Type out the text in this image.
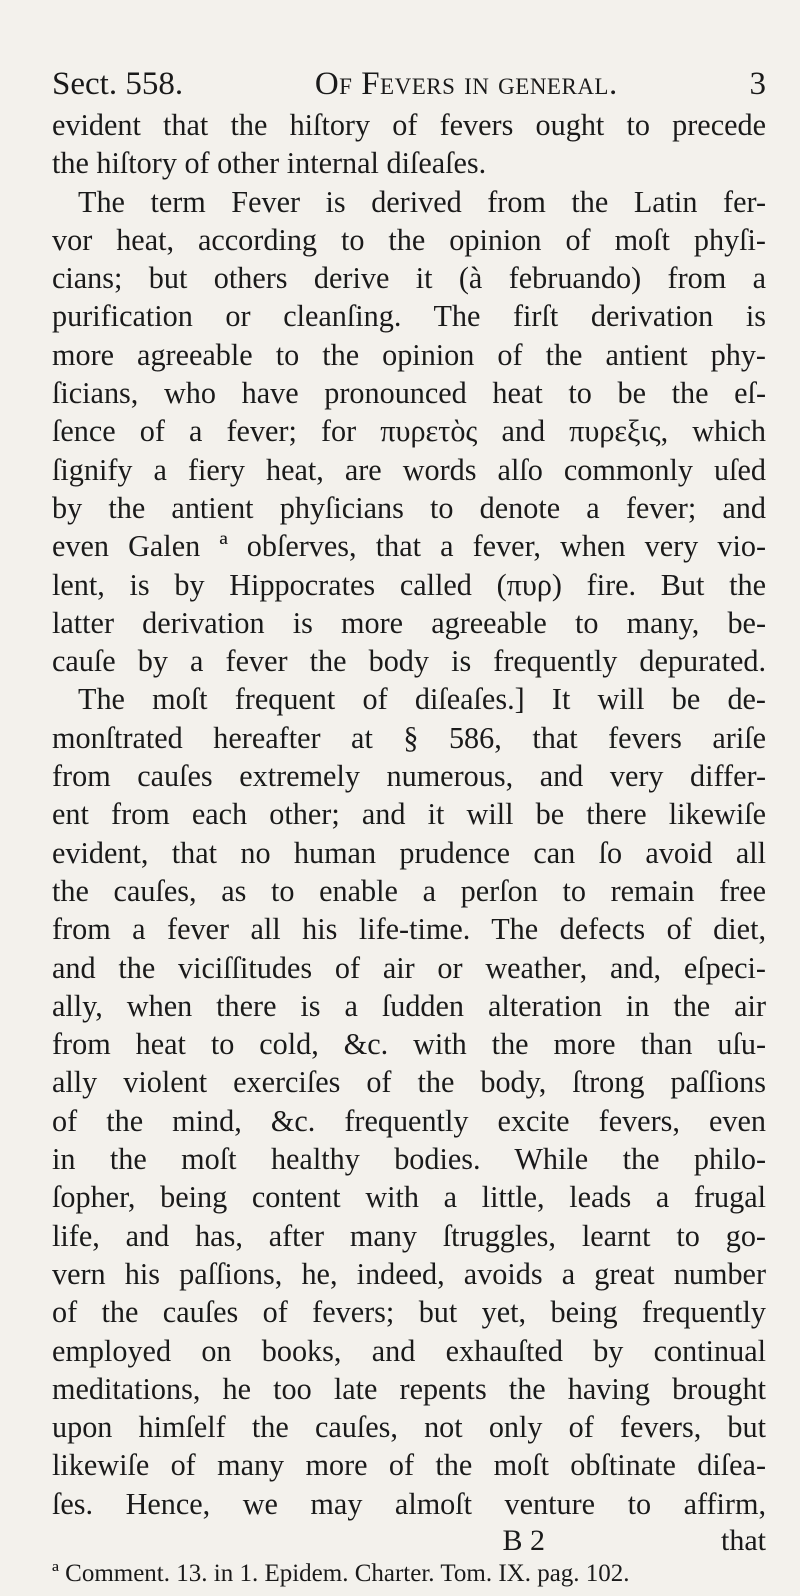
Sect. 558.	Of Fevers in general.	3
evident that the hiſtory of fevers ought to precede
the hiſtory of other internal diſeaſes.
The term Fever is derived from the Latin fer-
vor heat, according to the opinion of moſt phyſi-
cians; but others derive it (à februando) from a
purification or cleanſing. The firſt derivation is
more agreeable to the opinion of the antient phy-
ſicians, who have pronounced heat to be the eſ-
ſence of a fever; for πυρετὸς and πυρεξις, which
ſignify a fiery heat, are words alſo commonly uſed
by the antient phyſicians to denote a fever; and
even Galen ª obſerves, that a fever, when very vio-
lent, is by Hippocrates called (πυρ) fire. But the
latter derivation is more agreeable to many, be-
cauſe by a fever the body is frequently depurated.
The moſt frequent of diſeaſes.] It will be de-
monſtrated hereafter at § 586, that fevers ariſe
from cauſes extremely numerous, and very differ-
ent from each other; and it will be there likewiſe
evident, that no human prudence can ſo avoid all
the cauſes, as to enable a perſon to remain free
from a fever all his life-time. The defects of diet,
and the viciſſitudes of air or weather, and, eſpeci-
ally, when there is a ſudden alteration in the air
from heat to cold, &c. with the more than uſu-
ally violent exerciſes of the body, ſtrong paſſions
of the mind, &c. frequently excite fevers, even
in the moſt healthy bodies. While the philo-
ſopher, being content with a little, leads a frugal
life, and has, after many ſtruggles, learnt to go-
vern his paſſions, he, indeed, avoids a great number
of the cauſes of fevers; but yet, being frequently
employed on books, and exhauſted by continual
meditations, he too late repents the having brought
upon himſelf the cauſes, not only of fevers, but
likewiſe of many more of the moſt obſtinate diſea-
ſes. Hence, we may almoſt venture to affirm,
B 2	that
ª Comment. 13. in 1. Epidem. Charter. Tom. IX. pag. 102.
